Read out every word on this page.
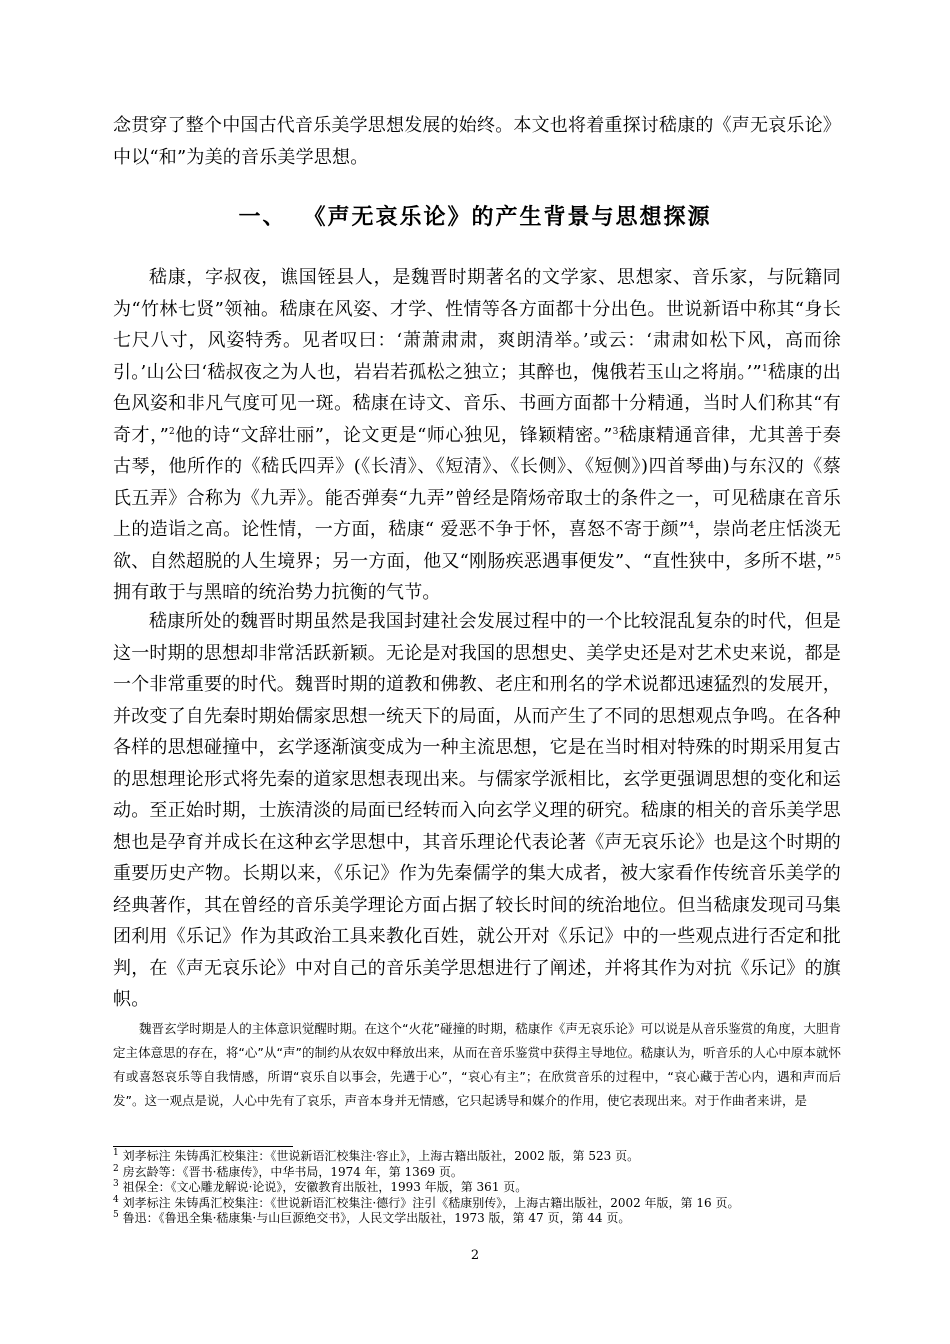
念贯穿了整个中国古代音乐美学思想发展的始终。本文也将着重探讨嵇康的《声无哀乐论》中以“和”为美的音乐美学思想。
一、 《声无哀乐论》的产生背景与思想探源
嵇康，字叔夜，谯国铚县人，是魏晋时期著名的文学家、思想家、音乐家，与阮籍同为“竹林七贤”领袖。嵇康在风姿、才学、性情等各方面都十分出色。世说新语中称其“身长七尺八寸，风姿特秀。见者叹曰：‘萧萧肃肃，爽朗清举。’或云：‘肃肃如松下风，高而徐引。’山公曰‘嵇叔夜之为人也，岩岩若孤松之独立；其醉也，傀俄若玉山之将崩。’”$^1$嵇康的出色风姿和非凡气度可见一斑。嵇康在诗文、音乐、书画方面都十分精通，当时人们称其“有奇才，”$^2$他的诗“文辞壮丽”，论文更是“师心独见，锋颖精密。”$^3$嵇康精通音律，尤其善于奏古琴，他所作的《嵇氏四弄》(《长清》、《短清》、《长侧》、《短侧》)四首琴曲)与东汉的《蔡氏五弄》合称为《九弄》。能否弹奏“九弄”曾经是隋炀帝取士的条件之一，可见嵇康在音乐上的造诣之高。论性情，一方面，嵇康“ 爱恶不争于怀，喜怒不寄于颜”$^4$，崇尚老庄恬淡无欲、自然超脱的人生境界；另一方面，他又“刚肠疾恶遇事便发”、“直性狭中，多所不堪，”$^5$拥有敢于与黑暗的统治势力抗衡的气节。
嵇康所处的魏晋时期虽然是我国封建社会发展过程中的一个比较混乱复杂的时代，但是这一时期的思想却非常活跃新颖。无论是对我国的思想史、美学史还是对艺术史来说，都是一个非常重要的时代。魏晋时期的道教和佛教、老庄和刑名的学术说都迅速猛烈的发展开，并改变了自先秦时期始儒家思想一统天下的局面，从而产生了不同的思想观点争鸣。在各种各样的思想碰撞中，玄学逐渐演变成为一种主流思想，它是在当时相对特殊的时期采用复古的思想理论形式将先秦的道家思想表现出来。与儒家学派相比，玄学更强调思想的变化和运动。至正始时期，士族清淡的局面已经转而入向玄学义理的研究。嵇康的相关的音乐美学思想也是孕育并成长在这种玄学思想中，其音乐理论代表论著《声无哀乐论》也是这个时期的重要历史产物。长期以来，《乐记》作为先秦儒学的集大成者，被大家看作传统音乐美学的经典著作，其在曾经的音乐美学理论方面占据了较长时间的统治地位。但当嵇康发现司马集团利用《乐记》作为其政治工具来教化百姓，就公开对《乐记》中的一些观点进行否定和批判，在《声无哀乐论》中对自己的音乐美学思想进行了阐述，并将其作为对抗《乐记》的旗帜。
魏晋玄学时期是人的主体意识觉醒时期。在这个“火花”碰撞的时期，嵇康作《声无哀乐论》可以说是从音乐鉴赏的角度，大胆肯定主体意思的存在，将“心”从“声”的制约从农奴中释放出来，从而在音乐鉴赏中获得主导地位。嵇康认为，听音乐的人心中原本就怀有或喜怒哀乐等自我情感，所谓“哀乐自以事会，先遘于心”，“哀心有主”；在欣赏音乐的过程中，“哀心藏于苦心内，遇和声而后发”。这一观点是说，人心中先有了哀乐，声音本身并无情感，它只起诱导和媒介的作用，使它表现出来。对于作曲者来讲，是
$^1$ 刘孝标注 朱铸禹汇校集注：《世说新语汇校集注·容止》，上海古籍出版社，2002 版，第 523 页。
$^2$ 房玄龄等：《晋书·嵇康传》，中华书局，1974 年，第 1369 页。
$^3$ 祖保全：《文心雕龙解说·论说》，安徽教育出版社，1993 年版，第 361 页。
$^4$ 刘孝标注 朱铸禹汇校集注：《世说新语汇校集注·德行》注引《嵇康别传》，上海古籍出版社，2002 年版，第 16 页。
$^5$ 鲁迅：《鲁迅全集·嵇康集·与山巨源绝交书》，人民文学出版社，1973 版，第 47 页，第 44 页。
2
